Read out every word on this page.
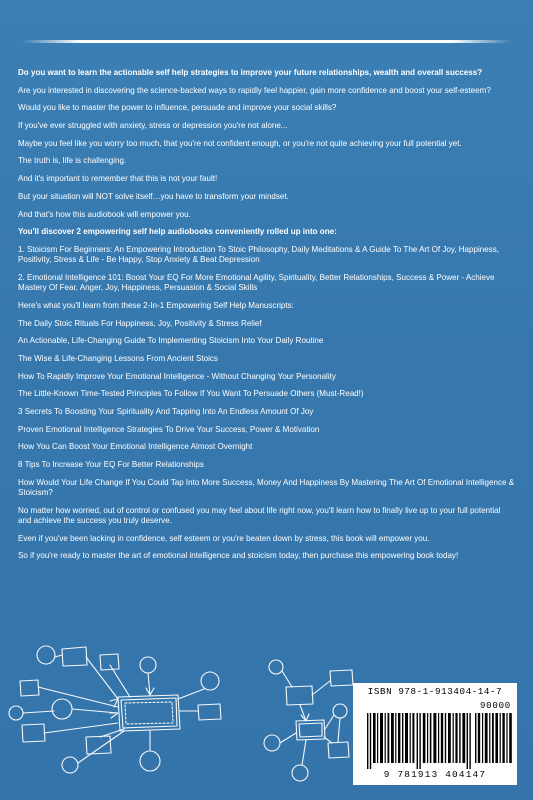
Do you want to learn the actionable self help strategies to improve your future relationships, wealth and overall success?

Are you interested in discovering the science-backed ways to rapidly feel happier, gain more confidence and boost your self-esteem?

Would you like to master the power to influence, persuade and improve your social skills?

If you've ever struggled with anxiety, stress or depression you're not alone...

Maybe you feel like you worry too much, that you're not confident enough, or you're not quite achieving your full potential yet.

The truth is, life is challenging.

And it's important to remember that this is not your fault!

But your situation will NOT solve itself…you have to transform your mindset.

And that's how this audiobook will empower you.

You'll discover 2 empowering self help audiobooks conveniently rolled up into one:

1. Stoicism For Beginners: An Empowering Introduction To Stoic Philosophy, Daily Meditations & A Guide To The Art Of Joy, Happiness, Positivity, Stress & Life - Be Happy, Stop Anxiety & Beat Depression

2. Emotional Intelligence 101: Boost Your EQ For More Emotional Agility, Spirituality, Better Relationships, Success & Power - Achieve Mastery Of Fear, Anger, Joy, Happiness, Persuasion & Social Skills

Here's what you'll learn from these 2-In-1 Empowering Self Help Manuscripts:

The Daily Stoic Rituals For Happiness, Joy, Positivity & Stress Relief

An Actionable, Life-Changing Guide To Implementing Stoicism Into Your Daily Routine

The Wise & Life-Changing Lessons From Ancient Stoics

How To Rapidly Improve Your Emotional Intelligence - Without Changing Your Personality

The Little-Known Time-Tested Principles To Follow If You Want To Persuade Others (Must-Read!)

3 Secrets To Boosting Your Spirituality And Tapping Into An Endless Amount Of Joy

Proven Emotional Intelligence Strategies To Drive Your Success, Power & Motivation

How You Can Boost Your Emotional Intelligence Almost Overnight

8 Tips To Increase Your EQ For Better Relationships

How Would Your Life Change If You Could Tap Into More Success, Money And Happiness By Mastering The Art Of Emotional Intelligence & Stoicism?

No matter how worried, out of control or confused you may feel about life right now, you'll learn how to finally live up to your full potential and achieve the success you truly deserve.

Even if you've been lacking in confidence, self esteem or you're beaten down by stress, this book will empower you.

So if you're ready to master the art of emotional intelligence and stoicism today, then purchase this empowering book today!

ISBN 978-1-913404-14-7
90000
9 781913 404147
